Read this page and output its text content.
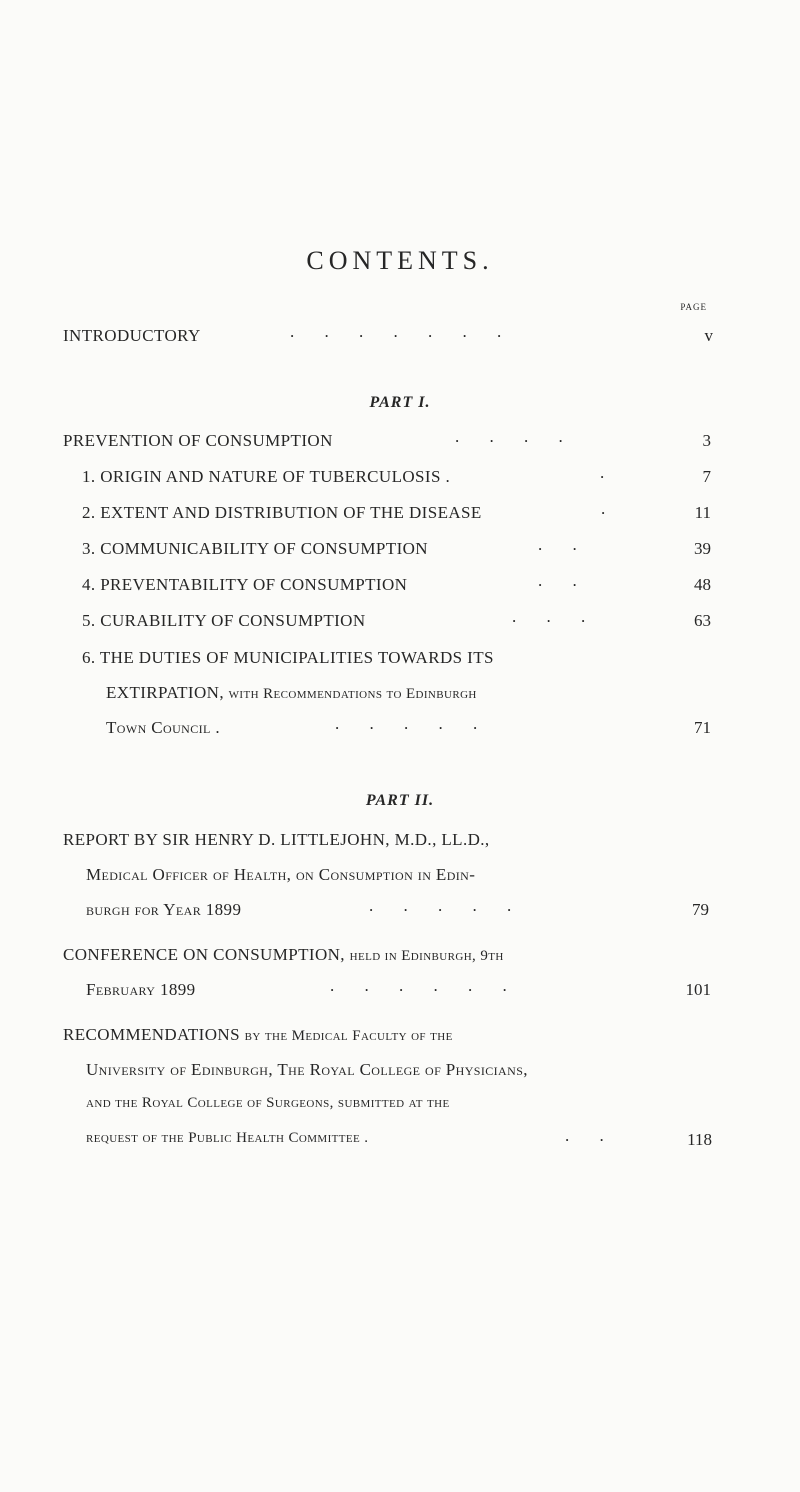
CONTENTS.
PAGE
INTRODUCTORY	. . . . . . .	v
PART I.
PREVENTION OF CONSUMPTION	. . . .	3
1. ORIGIN AND NATURE OF TUBERCULOSIS .	.	7
2. EXTENT AND DISTRIBUTION OF THE DISEASE	.	11
3. COMMUNICABILITY OF CONSUMPTION	. .	39
4. PREVENTABILITY OF CONSUMPTION	. .	48
5. CURABILITY OF CONSUMPTION	. . .	63
6. THE DUTIES OF MUNICIPALITIES TOWARDS ITS
EXTIRPATION, with Recommendations to Edinburgh
Town Council .	. . . . .	71
PART II.
REPORT BY SIR HENRY D. LITTLEJOHN, M.D., LL.D.,
Medical Officer of Health, on Consumption in Edin-
burgh for Year 1899	. . . . .	79
CONFERENCE ON CONSUMPTION, held in Edinburgh, 9th
February 1899	. . . . . .	101
RECOMMENDATIONS by the Medical Faculty of the
University of Edinburgh, The Royal College of Physicians,
and the Royal College of Surgeons, submitted at the
request of the Public Health Committee .	. .	118
